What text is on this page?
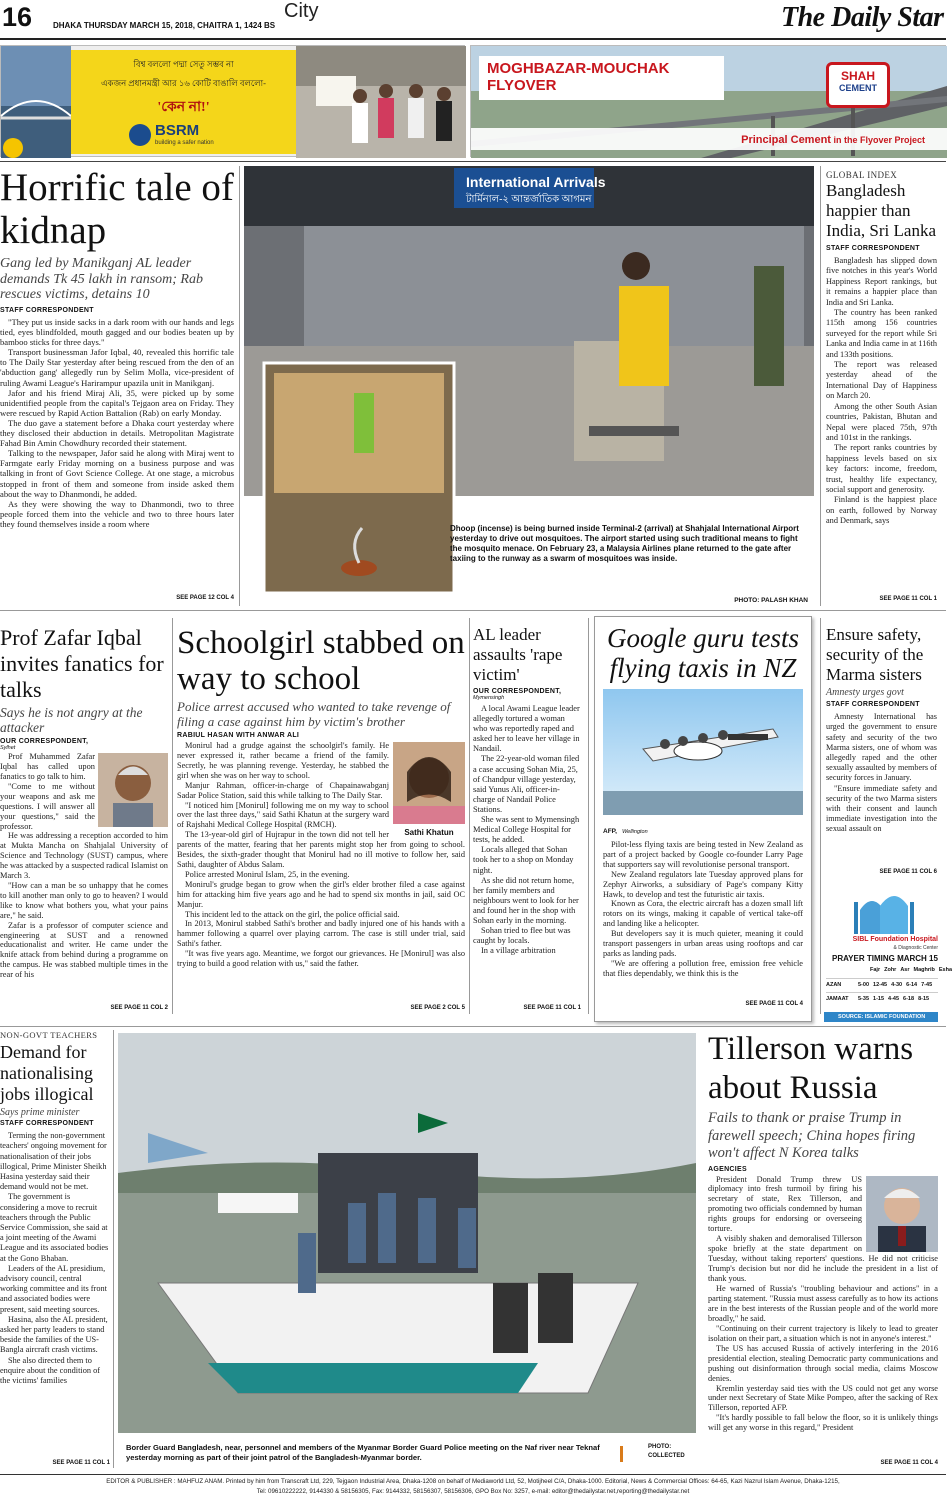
16	DHAKA THURSDAY MARCH 15, 2018, CHAITRA 1, 1424 BS
City	The Daily Star
বিশ্ব বললো পদ্মা সেতু সম্ভব না
একজন প্রধানমন্ত্রী আর ১৬ কোটি বাঙালি বললো-
'কেন না!'
BSRM
building a safer nation
MOGHBAZAR-MOUCHAK
FLYOVER
SHAH
CEMENT
Principal Cement in the Flyover Project
Horrific tale of kidnap
Gang led by Manikganj AL leader demands Tk 45 lakh in ransom; Rab rescues victims, detains 10
STAFF CORRESPONDENT

"They put us inside sacks in a dark room with our hands and legs tied, eyes blindfolded, mouth gagged and our bodies beaten up by bamboo sticks for three days."

Transport businessman Jafor Iqbal, 40, revealed this horrific tale to The Daily Star yesterday after being rescued from the den of an 'abduction gang' allegedly run by Selim Molla, vice-president of ruling Awami League's Harirampur upazila unit in Manikganj.

Jafor and his friend Miraj Ali, 35, were picked up by some unidentified people from the capital's Tejgaon area on Friday. They were rescued by Rapid Action Battalion (Rab) on early Monday.

The duo gave a statement before a Dhaka court yesterday where they disclosed their abduction in details. Metropolitan Magistrate Fahad Bin Amin Chowdhury recorded their statement.

Talking to the newspaper, Jafor said he along with Miraj went to Farmgate early Friday morning on a business purpose and was talking in front of Govt Science College. At one stage, a microbus stopped in front of them and someone from inside asked them about the way to Dhanmondi, he added.

As they were showing the way to Dhanmondi, two to three people forced them into the vehicle and two to three hours later they found themselves inside a room where

SEE PAGE 12 COL 4
International Arrivals
টার্মিনাল-২ আন্তর্জাতিক আগমন
Dhoop (incense) is being burned inside Terminal-2 (arrival) at Shahjalal International Airport yesterday to drive out mosquitoes. The airport started using such traditional means to fight the mosquito menace. On February 23, a Malaysia Airlines plane returned to the gate after taxiing to the runway as a swarm of mosquitoes was inside.
PHOTO: PALASH KHAN
GLOBAL INDEX
Bangladesh happier than India, Sri Lanka
STAFF CORRESPONDENT

Bangladesh has slipped down five notches in this year's World Happiness Report rankings, but it remains a happier place than India and Sri Lanka.

The country has been ranked 115th among 156 countries surveyed for the report while Sri Lanka and India came in at 116th and 133th positions.

The report was released yesterday ahead of the International Day of Happiness on March 20.

Among the other South Asian countries, Pakistan, Bhutan and Nepal were placed 75th, 97th and 101st in the rankings.

The report ranks countries by happiness levels based on six key factors: income, freedom, trust, healthy life expectancy, social support and generosity.

Finland is the happiest place on earth, followed by Norway and Denmark, says

SEE PAGE 11 COL 1
Prof Zafar Iqbal invites fanatics for talks
Says he is not angry at the attacker
OUR CORRESPONDENT,
Sylhet

Prof Muhammed Zafar Iqbal has called upon fanatics to go talk to him.

"Come to me without your weapons and ask me questions. I will answer all your questions," said the professor.

He was addressing a reception accorded to him at Mukta Mancha on Shahjalal University of Science and Technology (SUST) campus, where he was attacked by a suspected radical Islamist on March 3.

"How can a man be so unhappy that he comes to kill another man only to go to heaven? I would like to know what bothers you, what your pains are," he said.

Zafar is a professor of computer science and engineering at SUST and a renowned educationalist and writer. He came under the knife attack from behind during a programme on the campus. He was stabbed multiple times in the rear of his

SEE PAGE 11 COL 2
Schoolgirl stabbed on way to school
Police arrest accused who wanted to take revenge of filing a case against him by victim's brother
RABIUL HASAN WITH ANWAR ALI
Sathi Khatun

Monirul had a grudge against the schoolgirl's family. He never expressed it, rather became a friend of the family. Secretly, he was planning revenge. Yesterday, he stabbed the girl when she was on her way to school.

Manjur Rahman, officer-in-charge of Chapainawabganj Sadar Police Station, said this while talking to The Daily Star.

"I noticed him [Monirul] following me on my way to school over the last three days," said Sathi Khatun at the surgery ward of Rajshahi Medical College Hospital (RMCH).

The 13-year-old girl of Hujrapur in the town did not tell her parents of the matter, fearing that her parents might stop her from going to school. Besides, the sixth-grader thought that Monirul had no ill motive to follow her, said Sathi, daughter of Abdus Salam.

Police arrested Monirul Islam, 25, in the evening.

Monirul's grudge began to grow when the girl's elder brother filed a case against him for attacking him five years ago and he had to spend six months in jail, said OC Manjur.

This incident led to the attack on the girl, the police official said.

In 2013, Monirul stabbed Sathi's brother and badly injured one of his hands with a hammer following a quarrel over playing carrom. The case is still under trial, said Sathi's father.

"It was five years ago. Meantime, we forgot our grievances. He [Monirul] was also trying to build a good relation with us," said the father.

SEE PAGE 2 COL 5
AL leader assaults 'rape victim'
OUR CORRESPONDENT,
Mymensingh

A local Awami League leader allegedly tortured a woman who was reportedly raped and asked her to leave her village in Nandail.

The 22-year-old woman filed a case accusing Sohan Mia, 25, of Chandpur village yesterday, said Yunus Ali, officer-in-charge of Nandail Police Stations.

She was sent to Mymensingh Medical College Hospital for tests, he added.

Locals alleged that Sohan took her to a shop on Monday night.

As she did not return home, her family members and neighbours went to look for her and found her in the shop with Sohan early in the morning.

Sohan tried to flee but was caught by locals.

In a village arbitration

SEE PAGE 11 COL 1
Google guru tests flying taxis in NZ
AFP, Wellington

Pilot-less flying taxis are being tested in New Zealand as part of a project backed by Google co-founder Larry Page that supporters say will revolutionise personal transport.

New Zealand regulators late Tuesday approved plans for Zephyr Airworks, a subsidiary of Page's company Kitty Hawk, to develop and test the futuristic air taxis.

Known as Cora, the electric aircraft has a dozen small lift rotors on its wings, making it capable of vertical take-off and landing like a helicopter.

But developers say it is much quieter, meaning it could transport passengers in urban areas using rooftops and car parks as landing pads.

"We are offering a pollution free, emission free vehicle that flies dependably, we think this is the

SEE PAGE 11 COL 4
Ensure safety, security of the Marma sisters
Amnesty urges govt
STAFF CORRESPONDENT

Amnesty International has urged the government to ensure safety and security of the two Marma sisters, one of whom was allegedly raped and the other sexually assaulted by members of security forces in January.

"Ensure immediate safety and security of the two Marma sisters with their consent and launch immediate investigation into the sexual assault on

SEE PAGE 11 COL 6
SIBL Foundation Hospital
& Diagnostic Center
PRAYER TIMING MARCH 15
Fajr Zohr Asr Maghrib Esha
AZAN	5-00 12-45 4-30 6-14 7-45
JAMAAT	5-35 1-15 4-45 6-18 8-15
SOURCE: ISLAMIC FOUNDATION
NON-GOVT TEACHERS
Demand for nationalising jobs illogical
Says prime minister
STAFF CORRESPONDENT

Terming the non-government teachers' ongoing movement for nationalisation of their jobs illogical, Prime Minister Sheikh Hasina yesterday said their demand would not be met.

The government is considering a move to recruit teachers through the Public Service Commission, she said at a joint meeting of the Awami League and its associated bodies at the Gono Bhaban.

Leaders of the AL presidium, advisory council, central working committee and its front and associated bodies were present, said meeting sources.

Hasina, also the AL president, asked her party leaders to stand beside the families of the US-Bangla aircraft crash victims.

She also directed them to enquire about the condition of the victims' families

SEE PAGE 11 COL 1
Border Guard Bangladesh, near, personnel and members of the Myanmar Border Guard Police meeting on the Naf river near Teknaf yesterday morning as part of their joint patrol of the Bangladesh-Myanmar border.
PHOTO:
COLLECTED
Tillerson warns about Russia
Fails to thank or praise Trump in farewell speech; China hopes firing won't affect N Korea talks
AGENCIES

President Donald Trump threw US diplomacy into fresh turmoil by firing his secretary of state, Rex Tillerson, and promoting two officials condemned by human rights groups for endorsing or overseeing torture.

A visibly shaken and demoralised Tillerson spoke briefly at the state department on Tuesday, without taking reporters' questions. He did not criticise Trump's decision but nor did he include the president in a list of thank yous.

He warned of Russia's "troubling behaviour and actions" in a parting statement. "Russia must assess carefully as to how its actions are in the best interests of the Russian people and of the world more broadly," he said.

"Continuing on their current trajectory is likely to lead to greater isolation on their part, a situation which is not in anyone's interest."

The US has accused Russia of actively interfering in the 2016 presidential election, stealing Democratic party communications and pushing out disinformation through social media, claims Moscow denies.

Kremlin yesterday said ties with the US could not get any worse under next Secretary of State Mike Pompeo, after the sacking of Rex Tillerson, reported AFP.

"It's hardly possible to fall below the floor, so it is unlikely things will get any worse in this regard," President

SEE PAGE 11 COL 4
EDITOR & PUBLISHER : MAHFUZ ANAM. Printed by him from Transcraft Ltd, 229, Tejgaon Industrial Area, Dhaka-1208 on behalf of Mediaworld Ltd, 52, Motijheel C/A, Dhaka-1000. Editorial, News & Commercial Offices: 64-65, Kazi Nazrul Islam Avenue, Dhaka-1215,
Tel: 09610222222, 9144330 & 58156305, Fax: 9144332, 58156307, 58156306, GPO Box No: 3257, e-mail: editor@thedailystar.net,reporting@thedailystar.net
